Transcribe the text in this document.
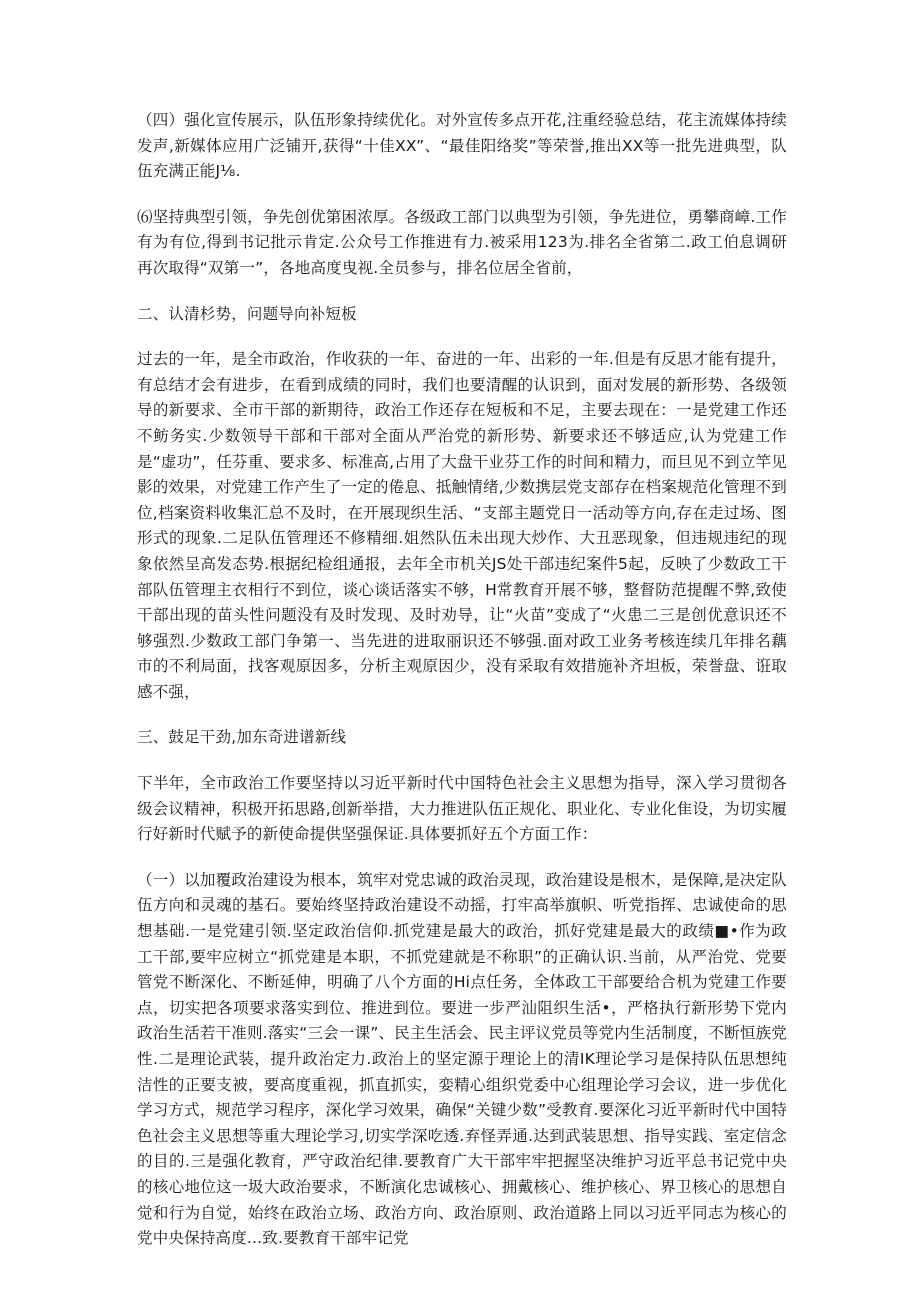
（四）强化宣传展示，队伍形象持续优化。对外宣传多点开花,注重经验总结，花主流媒体持续发声,新媒体应用广泛铺开,获得“十佳XX”、“最佳阳络奖”等荣誉,推出XX等一批先进典型，队伍充满正能J⅛.

⑹坚持典型引领，争先创优第困浓厚。各级政工部门以典型为引领，争先进位，勇攀商嶂.工作有为有位,得到书记批示肯定.公众号工作推进有力.被采用123为.排名全省第二.政工伯息调研再次取得“双第一”，各地高度曳视.全员参与，排名位居全省前，

二、认清杉势，问题导向补短板

过去的一年，是全市政治，作收获的一年、奋进的一年、出彩的一年.但是有反思才能有提升，有总结才会有进步，在看到成绩的同时，我们也要清醒的认识到，面对发展的新形势、各级领导的新要求、全市干部的新期待，政治工作还存在短板和不足，主要去现在：一是党建工作还不鲂务实.少数领导干部和干部对全面从严治党的新形势、新要求还不够适应,认为党建工作是“虚功”，任芬重、要求多、标准高,占用了大盘干业芬工作的时间和精力，而旦见不到立竿见影的效果，对党建工作产生了一定的倦息、抵触情绪,少数携层党支部存在档案规范化管理不到位,档案资料收集汇总不及时，在开展现织生活、“支部主题党日一活动等方向,存在走过场、图形式的现象.二足队伍管理还不修精细.姐然队伍未出现大炒作、大丑恶现象，但违规违纪的现象依然呈高发态势.根据纪检组通报，去年全市机关JS处干部违纪案件5起，反映了少数政工干部队伍管理主衣相行不到位，谈心谈话落实不够，H常教育开展不够，整督防范提醒不弊,致使干部出现的苗头性问题没有及时发现、及时劝导，让“火苗”变成了“火患二三是创优意识还不够强烈.少数政工部门争第一、当先进的进取丽识还不够强.面对政工业务考核连续几年排名藕市的不利局面，找客观原因多，分析主观原因少，没有采取有效措施补齐坦板，荣誉盘、诳取感不强，

三、鼓足干劲,加东奇进谱新线

下半年，全市政治工作要坚持以习近平新时代中国特色社会主义思想为指导，深入学习贯彻各级会议精神，积极开拓思路,创新举措，大力推进队伍正规化、职业化、专业化隹设，为切实履行好新时代赋予的新使命提供坚强保证.具体要抓好五个方面工作：

（一）以加覆政治建设为根本，筑牢对党忠诚的政治灵现，政治建设是根木，是保障,是决定队伍方向和灵魂的基石。要始终坚持政治建设不动摇，打牢高举旗帜、听党指挥、忠诚使命的思想基础.一是党建引领.坚定政治信仰.抓党建是最大的政治，抓好党建是最大的政绩■•作为政工干部,要牢应树立“抓党建是本职，不抓党建就是不称职”的正确认识.当前，从严治党、党要管党不断深化、不断延伸，明确了八个方面的Hi点任务，全体政工干部要给合机为党建工作要点，切实把各项要求落实到位、推进到位。要进一步严汕阻织生活•，严格执行新形势下党内政治生活若干准则.落实“三会一课”、民主生活会、民主评议党员等党内生活制度，不断恒族党性.二是理论武装，提升政治定力.政治上的坚定源于理论上的清IK理论学习是保持队伍思想纯洁性的正要支被，要高度重视，抓直抓实，娈精心组织党委中心组理论学习会议，进一步优化学习方式，规范学习程序，深化学习效果，确保“关键少数”受教育.要深化习近平新时代中国特色社会主义思想等重大理论学习,切实学深吃透.弃怪弄通.达到武装思想、指导实践、室定信念的目的.三是强化教育，严守政治纪律.要教育广大干部牢牢把握坚决维护习近平总书记党中央的核心地位这一圾大政治要求，不断演化忠诚核心、拥戴核心、维护核心、界卫核心的思想自觉和行为自觉，始终在政治立场、政治方向、政治原则、政治道路上同以习近平同志为核心的党中央保持高度...致.要教育干部牢记党
